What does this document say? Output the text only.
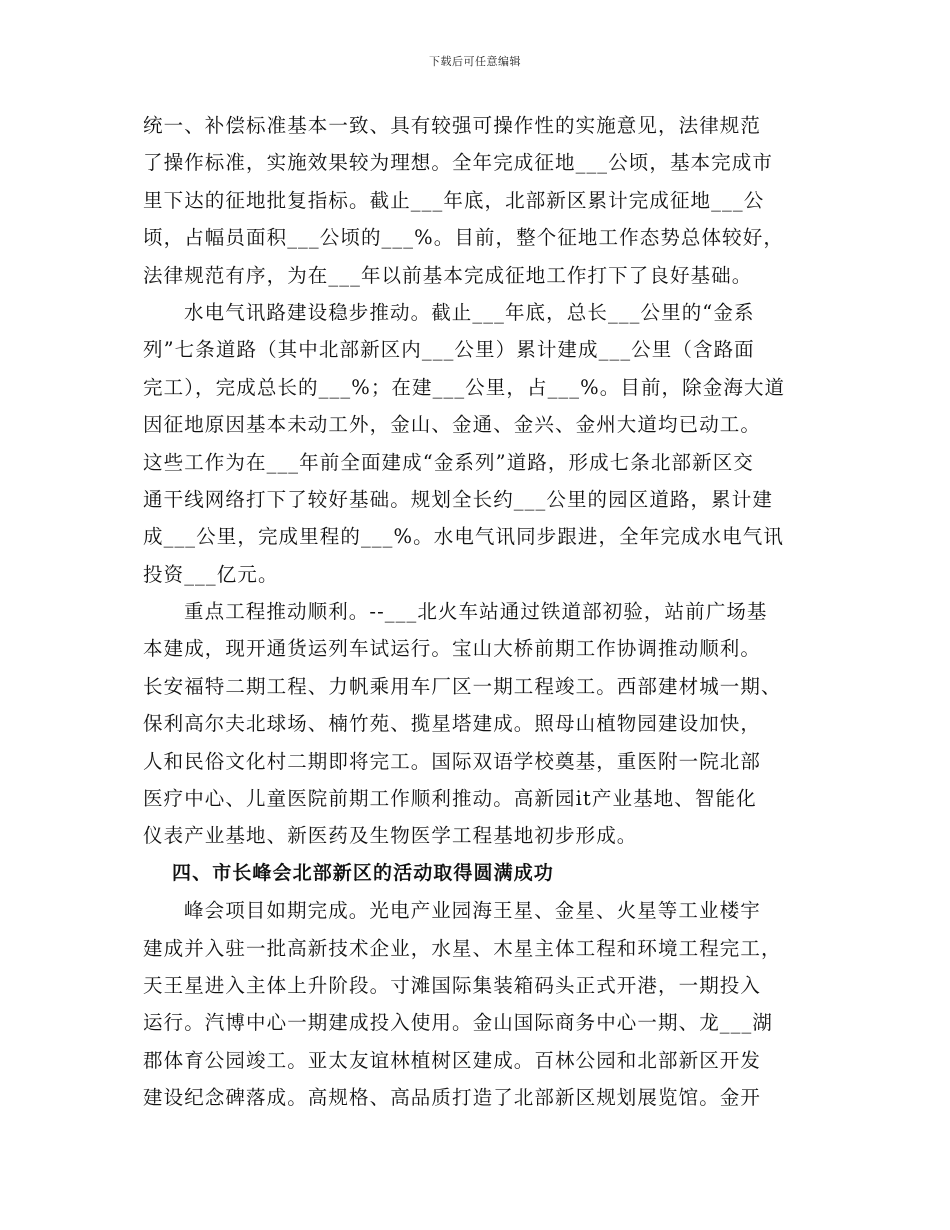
下载后可任意编辑
统一、补偿标准基本一致、具有较强可操作性的实施意见，法律规范
了操作标准，实施效果较为理想。全年完成征地___公顷，基本完成市
里下达的征地批复指标。截止___年底，北部新区累计完成征地___公
顷，占幅员面积___公顷的___%。目前，整个征地工作态势总体较好，
法律规范有序，为在___年以前基本完成征地工作打下了良好基础。
水电气讯路建设稳步推动。截止___年底，总长___公里的“金系
列”七条道路（其中北部新区内___公里）累计建成___公里（含路面
完工），完成总长的___%；在建___公里，占___%。目前，除金海大道
因征地原因基本未动工外，金山、金通、金兴、金州大道均已动工。
这些工作为在___年前全面建成“金系列”道路，形成七条北部新区交
通干线网络打下了较好基础。规划全长约___公里的园区道路，累计建
成___公里，完成里程的___%。水电气讯同步跟进，全年完成水电气讯
投资___亿元。
重点工程推动顺利。--___北火车站通过铁道部初验，站前广场基
本建成，现开通货运列车试运行。宝山大桥前期工作协调推动顺利。
长安福特二期工程、力帆乘用车厂区一期工程竣工。西部建材城一期、
保利高尔夫北球场、楠竹苑、揽星塔建成。照母山植物园建设加快，
人和民俗文化村二期即将完工。国际双语学校奠基，重医附一院北部
医疗中心、儿童医院前期工作顺利推动。高新园it产业基地、智能化
仪表产业基地、新医药及生物医学工程基地初步形成。
四、市长峰会北部新区的活动取得圆满成功
峰会项目如期完成。光电产业园海王星、金星、火星等工业楼宇
建成并入驻一批高新技术企业，水星、木星主体工程和环境工程完工，
天王星进入主体上升阶段。寸滩国际集装箱码头正式开港，一期投入
运行。汽博中心一期建成投入使用。金山国际商务中心一期、龙___湖
郡体育公园竣工。亚太友谊林植树区建成。百林公园和北部新区开发
建设纪念碑落成。高规格、高品质打造了北部新区规划展览馆。金开
